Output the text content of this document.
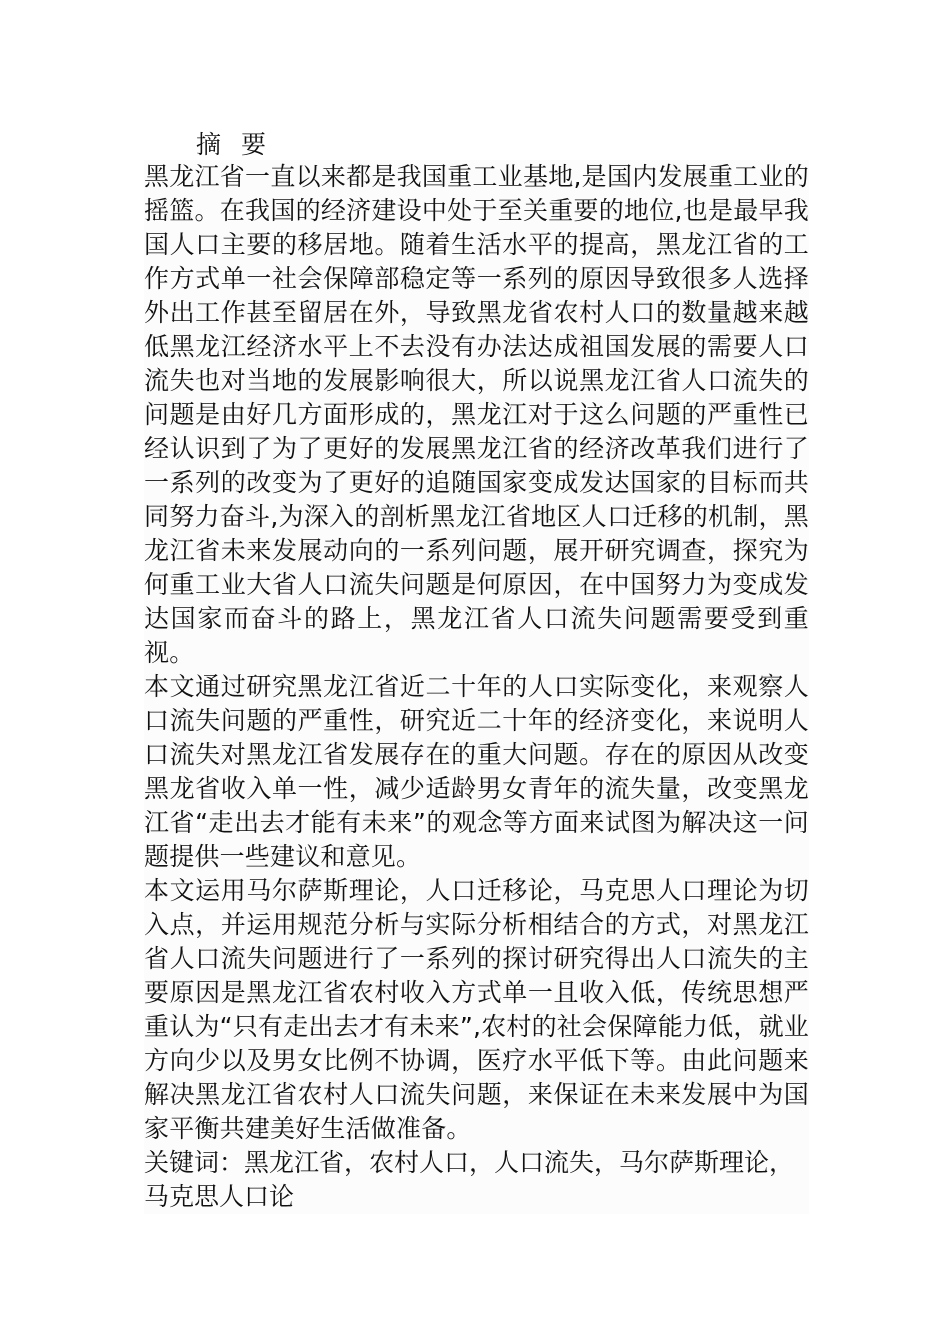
摘 要

黑龙江省一直以来都是我国重工业基地,是国内发展重工业的摇篮。在我国的经济建设中处于至关重要的地位,也是最早我国人口主要的移居地。随着生活水平的提高，黑龙江省的工作方式单一社会保障部稳定等一系列的原因导致很多人选择外出工作甚至留居在外，导致黑龙省农村人口的数量越来越低黑龙江经济水平上不去没有办法达成祖国发展的需要人口流失也对当地的发展影响很大，所以说黑龙江省人口流失的问题是由好几方面形成的，黑龙江对于这么问题的严重性已经认识到了为了更好的发展黑龙江省的经济改革我们进行了一系列的改变为了更好的追随国家变成发达国家的目标而共同努力奋斗,为深入的剖析黑龙江省地区人口迁移的机制，黑龙江省未来发展动向的一系列问题，展开研究调查，探究为何重工业大省人口流失问题是何原因，在中国努力为变成发达国家而奋斗的路上，黑龙江省人口流失问题需要受到重视。

本文通过研究黑龙江省近二十年的人口实际变化，来观察人口流失问题的严重性，研究近二十年的经济变化，来说明人口流失对黑龙江省发展存在的重大问题。存在的原因从改变黑龙省收入单一性，减少适龄男女青年的流失量，改变黑龙江省“走出去才能有未来”的观念等方面来试图为解决这一问题提供一些建议和意见。

本文运用马尔萨斯理论，人口迁移论，马克思人口理论为切入点，并运用规范分析与实际分析相结合的方式，对黑龙江省人口流失问题进行了一系列的探讨研究得出人口流失的主要原因是黑龙江省农村收入方式单一且收入低，传统思想严重认为“只有走出去才有未来”,农村的社会保障能力低，就业方向少以及男女比例不协调，医疗水平低下等。由此问题来解决黑龙江省农村人口流失问题，来保证在未来发展中为国家平衡共建美好生活做准备。

关键词：黑龙江省，农村人口，人口流失，马尔萨斯理论，马克思人口论
